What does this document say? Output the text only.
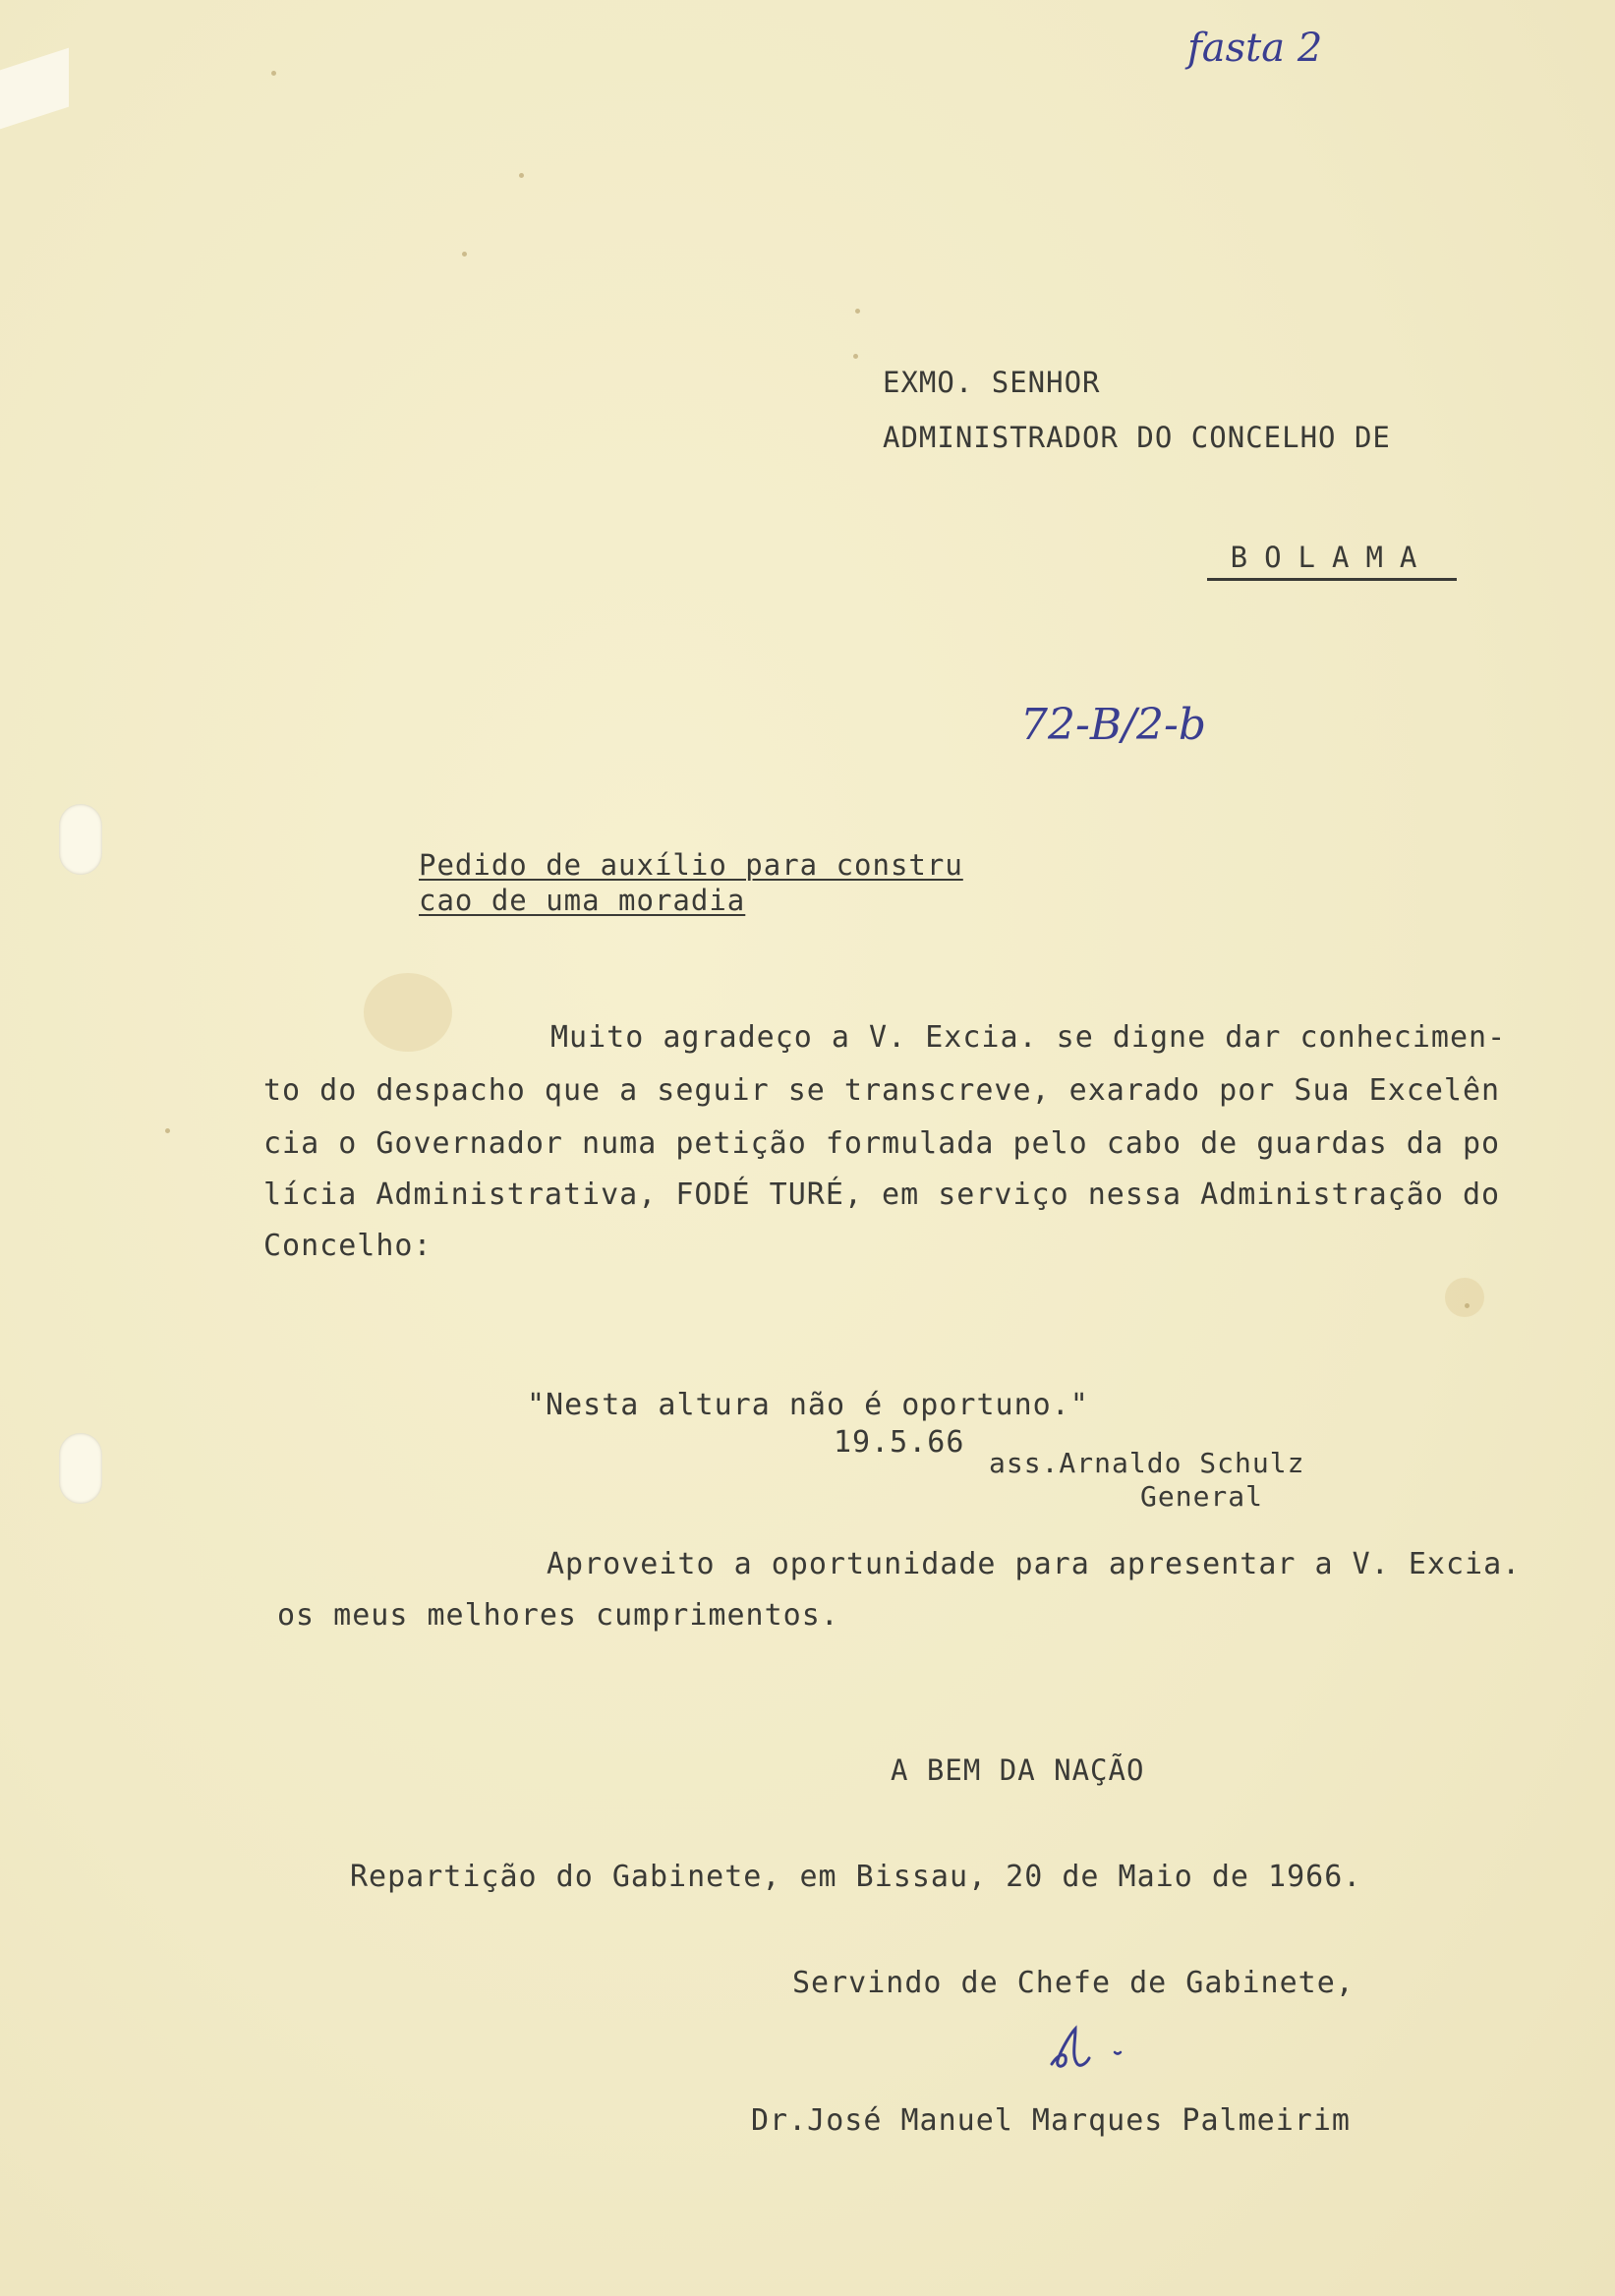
fasta 2
72-B/2-b
EXMO. SENHOR
ADMINISTRADOR DO CONCELHO DE
BOLAMA
Pedido de auxílio para constru
cao de uma moradia
Muito agradeço a V. Excia. se digne dar conhecimen-
to do despacho que a seguir se transcreve, exarado por Sua Excelên
cia o Governador numa petição formulada pelo cabo de guardas da po
lícia Administrativa, FODÉ TURÉ, em serviço nessa Administração do
Concelho:
"Nesta altura não é oportuno."
19.5.66
ass.Arnaldo Schulz
General
Aproveito a oportunidade para apresentar a V. Excia.
os meus melhores cumprimentos.
A BEM DA NAÇÃO
Repartição do Gabinete, em Bissau, 20 de Maio de 1966.
Servindo de Chefe de Gabinete,
Dr.José Manuel Marques Palmeirim
